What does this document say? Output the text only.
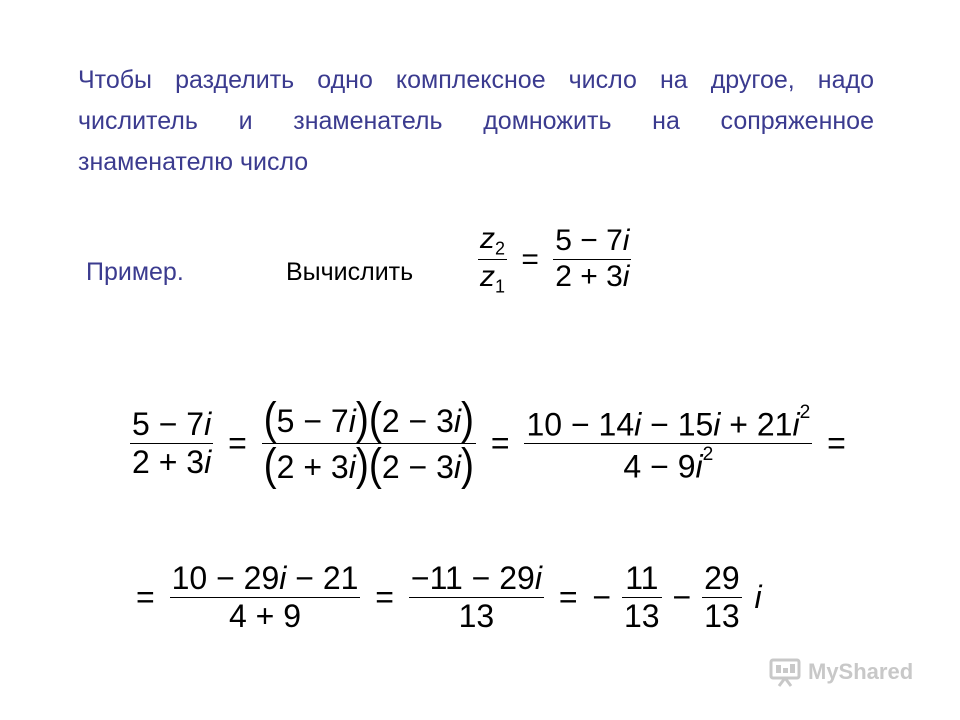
Чтобы разделить одно комплексное число на другое, надо
числитель и знаменатель домножить на сопряженное
знаменателю число

Пример.	Вычислить $\frac{z_2}{z_1} = \frac{5 - 7i}{2 + 3i}$
$\frac{5 - 7i}{2 + 3i} = \frac{(5 - 7i)(2 - 3i)}{(2 + 3i)(2 - 3i)} = \frac{10 - 14i - 15i + 21i^2}{4 - 9i^2}$ =
= $\frac{10 - 29i - 21}{4 + 9} = \frac{-11 - 29i}{13}$ = − $\frac{11}{13} - \frac{29}{13}$ i
MyShared
